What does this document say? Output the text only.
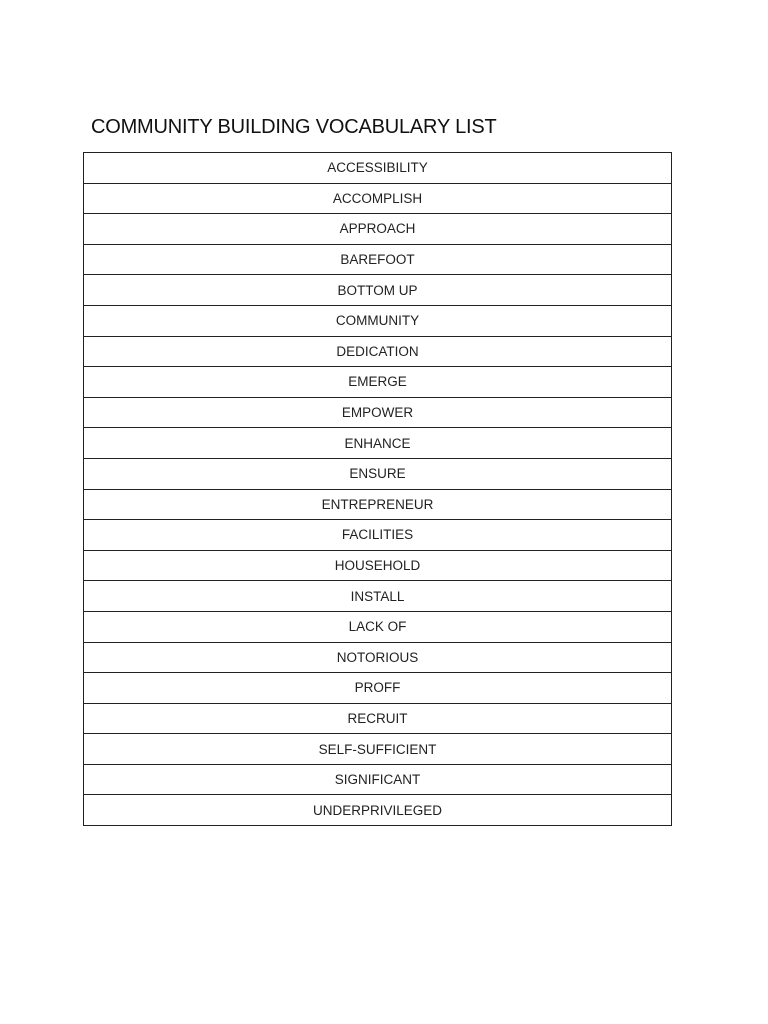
COMMUNITY BUILDING VOCABULARY LIST
ACCESSIBILITY
ACCOMPLISH
APPROACH
BAREFOOT
BOTTOM UP
COMMUNITY
DEDICATION
EMERGE
EMPOWER
ENHANCE
ENSURE
ENTREPRENEUR
FACILITIES
HOUSEHOLD
INSTALL
LACK OF
NOTORIOUS
PROFF
RECRUIT
SELF-SUFFICIENT
SIGNIFICANT
UNDERPRIVILEGED
